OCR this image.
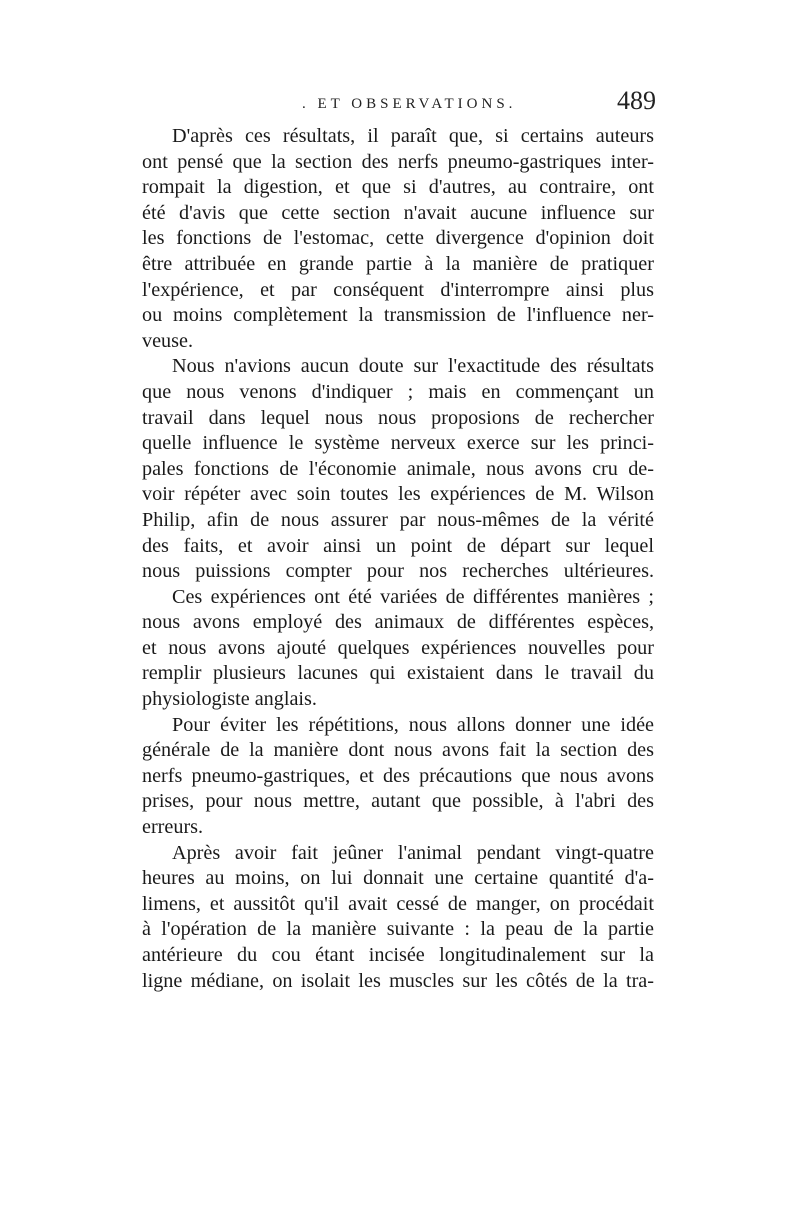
. ET OBSERVATIONS.	489
D'après ces résultats, il paraît que, si certains auteurs
ont pensé que la section des nerfs pneumo-gastriques inter-
rompait la digestion, et que si d'autres, au contraire, ont
été d'avis que cette section n'avait aucune influence sur
les fonctions de l'estomac, cette divergence d'opinion doit
être attribuée en grande partie à la manière de pratiquer
l'expérience, et par conséquent d'interrompre ainsi plus
ou moins complètement la transmission de l'influence ner-
veuse.
Nous n'avions aucun doute sur l'exactitude des résultats
que nous venons d'indiquer ; mais en commençant un
travail dans lequel nous nous proposions de rechercher
quelle influence le système nerveux exerce sur les princi-
pales fonctions de l'économie animale, nous avons cru de-
voir répéter avec soin toutes les expériences de M. Wilson
Philip, afin de nous assurer par nous-mêmes de la vérité
des faits, et avoir ainsi un point de départ sur lequel
nous puissions compter pour nos recherches ultérieures.
Ces expériences ont été variées de différentes manières ;
nous avons employé des animaux de différentes espèces,
et nous avons ajouté quelques expériences nouvelles pour
remplir plusieurs lacunes qui existaient dans le travail du
physiologiste anglais.
Pour éviter les répétitions, nous allons donner une idée
générale de la manière dont nous avons fait la section des
nerfs pneumo-gastriques, et des précautions que nous avons
prises, pour nous mettre, autant que possible, à l'abri des
erreurs.
Après avoir fait jeûner l'animal pendant vingt-quatre
heures au moins, on lui donnait une certaine quantité d'a-
limens, et aussitôt qu'il avait cessé de manger, on procédait
à l'opération de la manière suivante : la peau de la partie
antérieure du cou étant incisée longitudinalement sur la
ligne médiane, on isolait les muscles sur les côtés de la tra-
